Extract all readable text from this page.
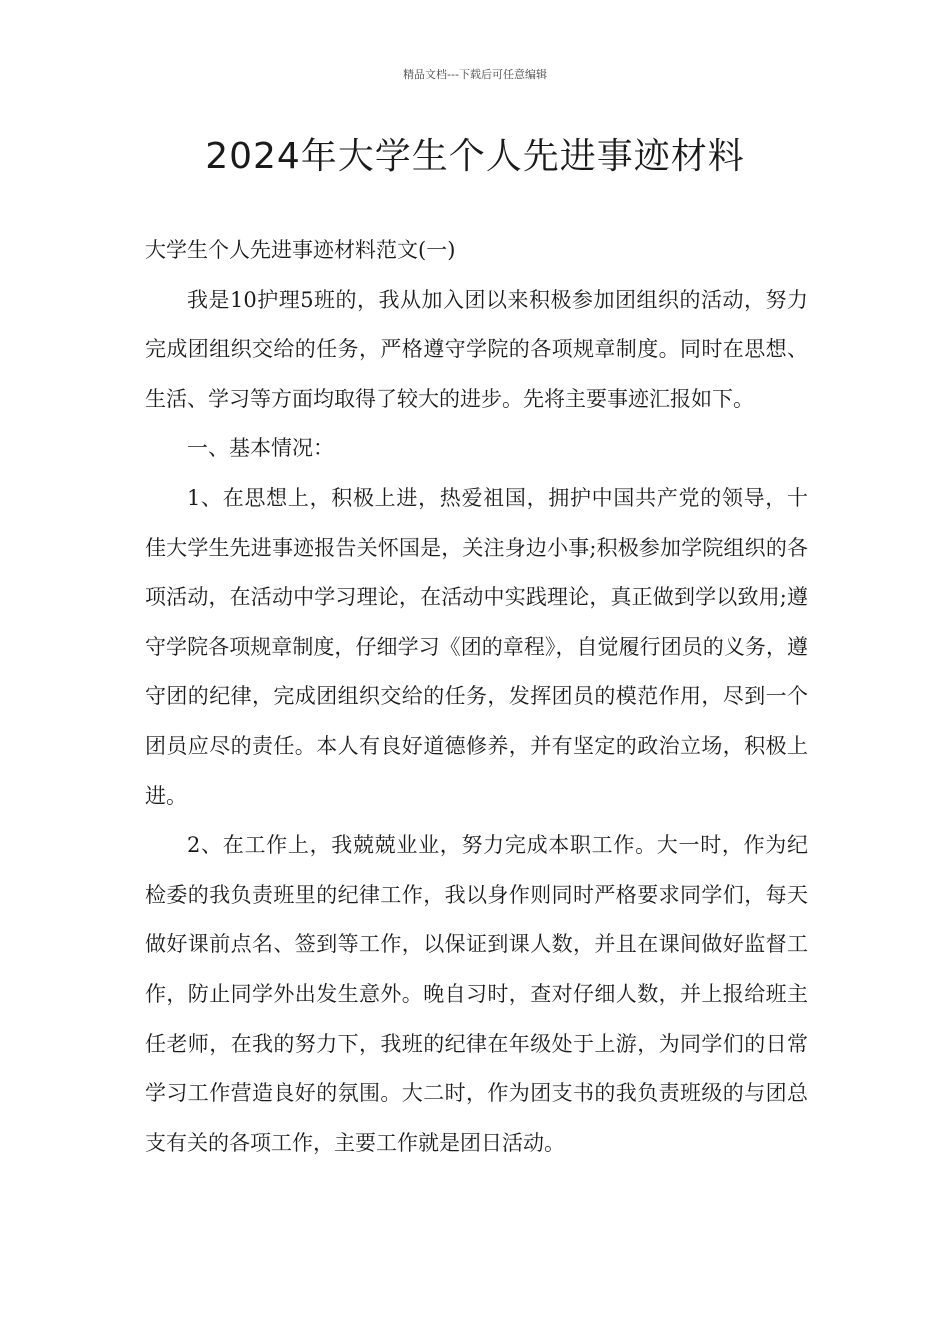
精品文档---下载后可任意编辑
2024年大学生个人先进事迹材料

大学生个人先进事迹材料范文(一)

我是10护理5班的，我从加入团以来积极参加团组织的活动，努力完成团组织交给的任务，严格遵守学院的各项规章制度。同时在思想、生活、学习等方面均取得了较大的进步。先将主要事迹汇报如下。

一、基本情况：

1、在思想上，积极上进，热爱祖国，拥护中国共产党的领导，十佳大学生先进事迹报告关怀国是，关注身边小事;积极参加学院组织的各项活动，在活动中学习理论，在活动中实践理论，真正做到学以致用;遵守学院各项规章制度，仔细学习《团的章程》，自觉履行团员的义务，遵守团的纪律，完成团组织交给的任务，发挥团员的模范作用，尽到一个团员应尽的责任。本人有良好道德修养，并有坚定的政治立场，积极上进。

2、在工作上，我兢兢业业，努力完成本职工作。大一时，作为纪检委的我负责班里的纪律工作，我以身作则同时严格要求同学们，每天做好课前点名、签到等工作，以保证到课人数，并且在课间做好监督工作，防止同学外出发生意外。晚自习时，查对仔细人数，并上报给班主任老师，在我的努力下，我班的纪律在年级处于上游，为同学们的日常学习工作营造良好的氛围。大二时，作为团支书的我负责班级的与团总支有关的各项工作，主要工作就是团日活动。
